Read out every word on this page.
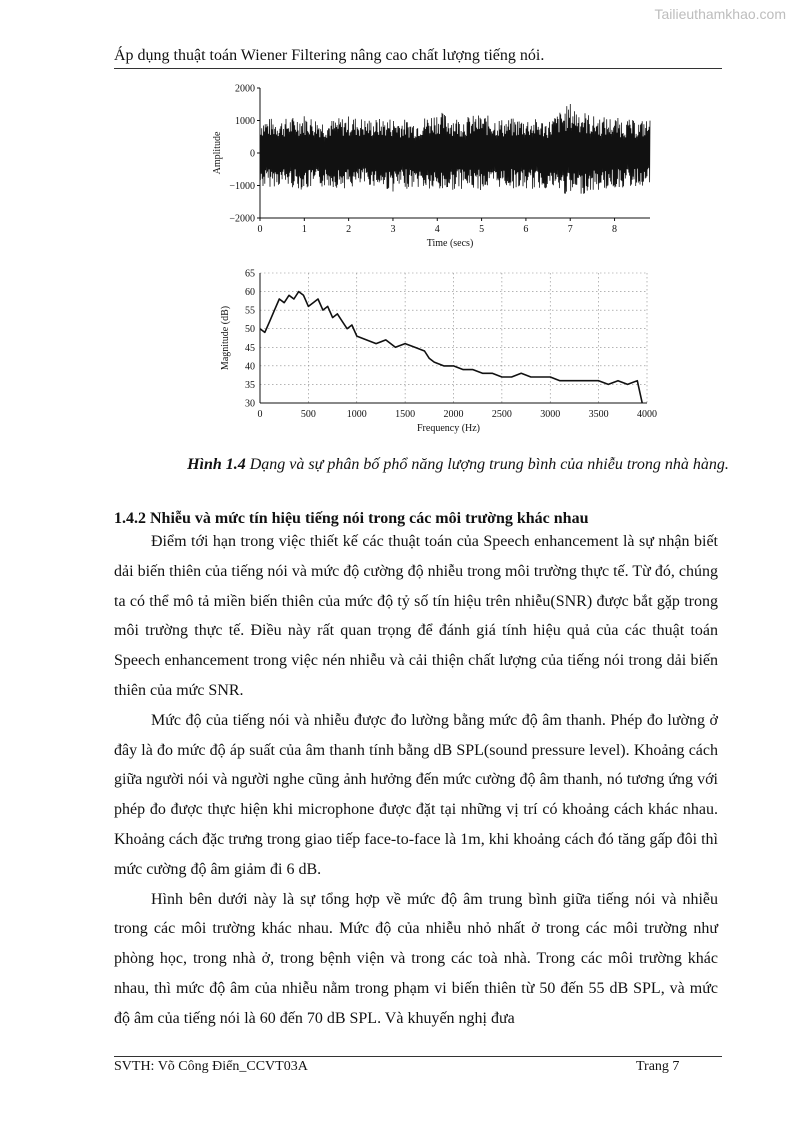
Tailieuthamkhao.com
Áp dụng thuật toán Wiener Filtering nâng cao chất lượng tiếng nói.
2000
1000
0
−1000
−2000
0	1	2	3	4	5	6	7	8
Time (secs)
Amplitude
0	500	1000	1500	2000	2500	3000	3500	4000
65
60
55
50
45
40
35
30
Frequency (Hz)
Magnitude (dB)
Hình 1.4 Dạng và sự phân bố phổ năng lượng trung bình của nhiễu trong nhà hàng.
1.4.2 Nhiễu và mức tín hiệu tiếng nói trong các môi trường khác nhau

Điểm tới hạn trong việc thiết kế các thuật toán của Speech enhancement là sự nhận biết dải biến thiên của tiếng nói và mức độ cường độ nhiễu trong môi trường thực tế. Từ đó, chúng ta có thể mô tả miền biến thiên của mức độ tỷ số tín hiệu trên nhiễu(SNR) được bắt gặp trong môi trường thực tế. Điều này rất quan trọng để đánh giá tính hiệu quả của các thuật toán Speech enhancement trong việc nén nhiễu và cải thiện chất lượng của tiếng nói trong dải biến thiên của mức SNR.

Mức độ của tiếng nói và nhiễu được đo lường bằng mức độ âm thanh. Phép đo lường ở đây là đo mức độ áp suất của âm thanh tính bằng dB SPL(sound pressure level). Khoảng cách giữa người nói và người nghe cũng ảnh hưởng đến mức cường độ âm thanh, nó tương ứng với phép đo được thực hiện khi microphone được đặt tại những vị trí có khoảng cách khác nhau. Khoảng cách đặc trưng trong giao tiếp face-to-face là 1m, khi khoảng cách đó tăng gấp đôi thì mức cường độ âm giảm đi 6 dB.

Hình bên dưới này là sự tổng hợp về mức độ âm trung bình giữa tiếng nói và nhiễu trong các môi trường khác nhau. Mức độ của nhiễu nhỏ nhất ở trong các môi trường như phòng học, trong nhà ở, trong bệnh viện và trong các toà nhà. Trong các môi trường khác nhau, thì mức độ âm của nhiễu nằm trong phạm vi biến thiên từ 50 đến 55 dB SPL, và mức độ âm của tiếng nói là 60 đến 70 dB SPL. Và khuyến nghị đưa

SVTH: Võ Công Điển_CCVT03A	Trang 7
